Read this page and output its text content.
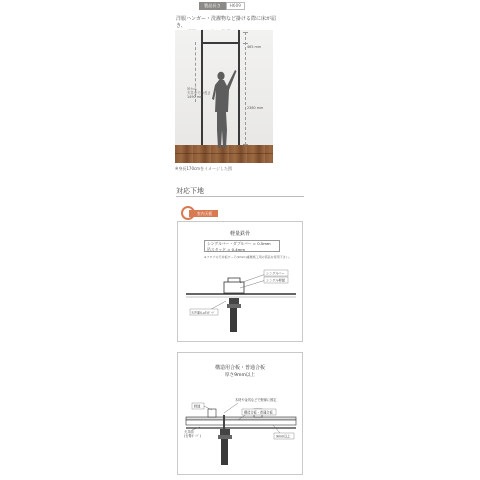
製品長さ	H609
洋服ハンガー・洗濯物など掛ける際に床が届き、
465 mm
2380 mm
吊から
天井までの長さ
1490 mm
※身長170cmをイメージした図
対応下地
室内天板
軽量鉄骨
シングルバー・ダブルバー = 0.5mm
吊スタッド = 0.4mm
※フロアの天井板ボード(9mm)重層施工用の部品を使用下さい。
シングルバー
シングル押縁
天井面(Lμ5)ﾎﾞｰﾄﾞ
構造用合板・普通合板
厚さ9mm以上
木材や金具などで野縁に固定
野縁
構造合板・普通合板
天井面
(石膏ﾎﾞｰﾄﾞ)	9mm以上
